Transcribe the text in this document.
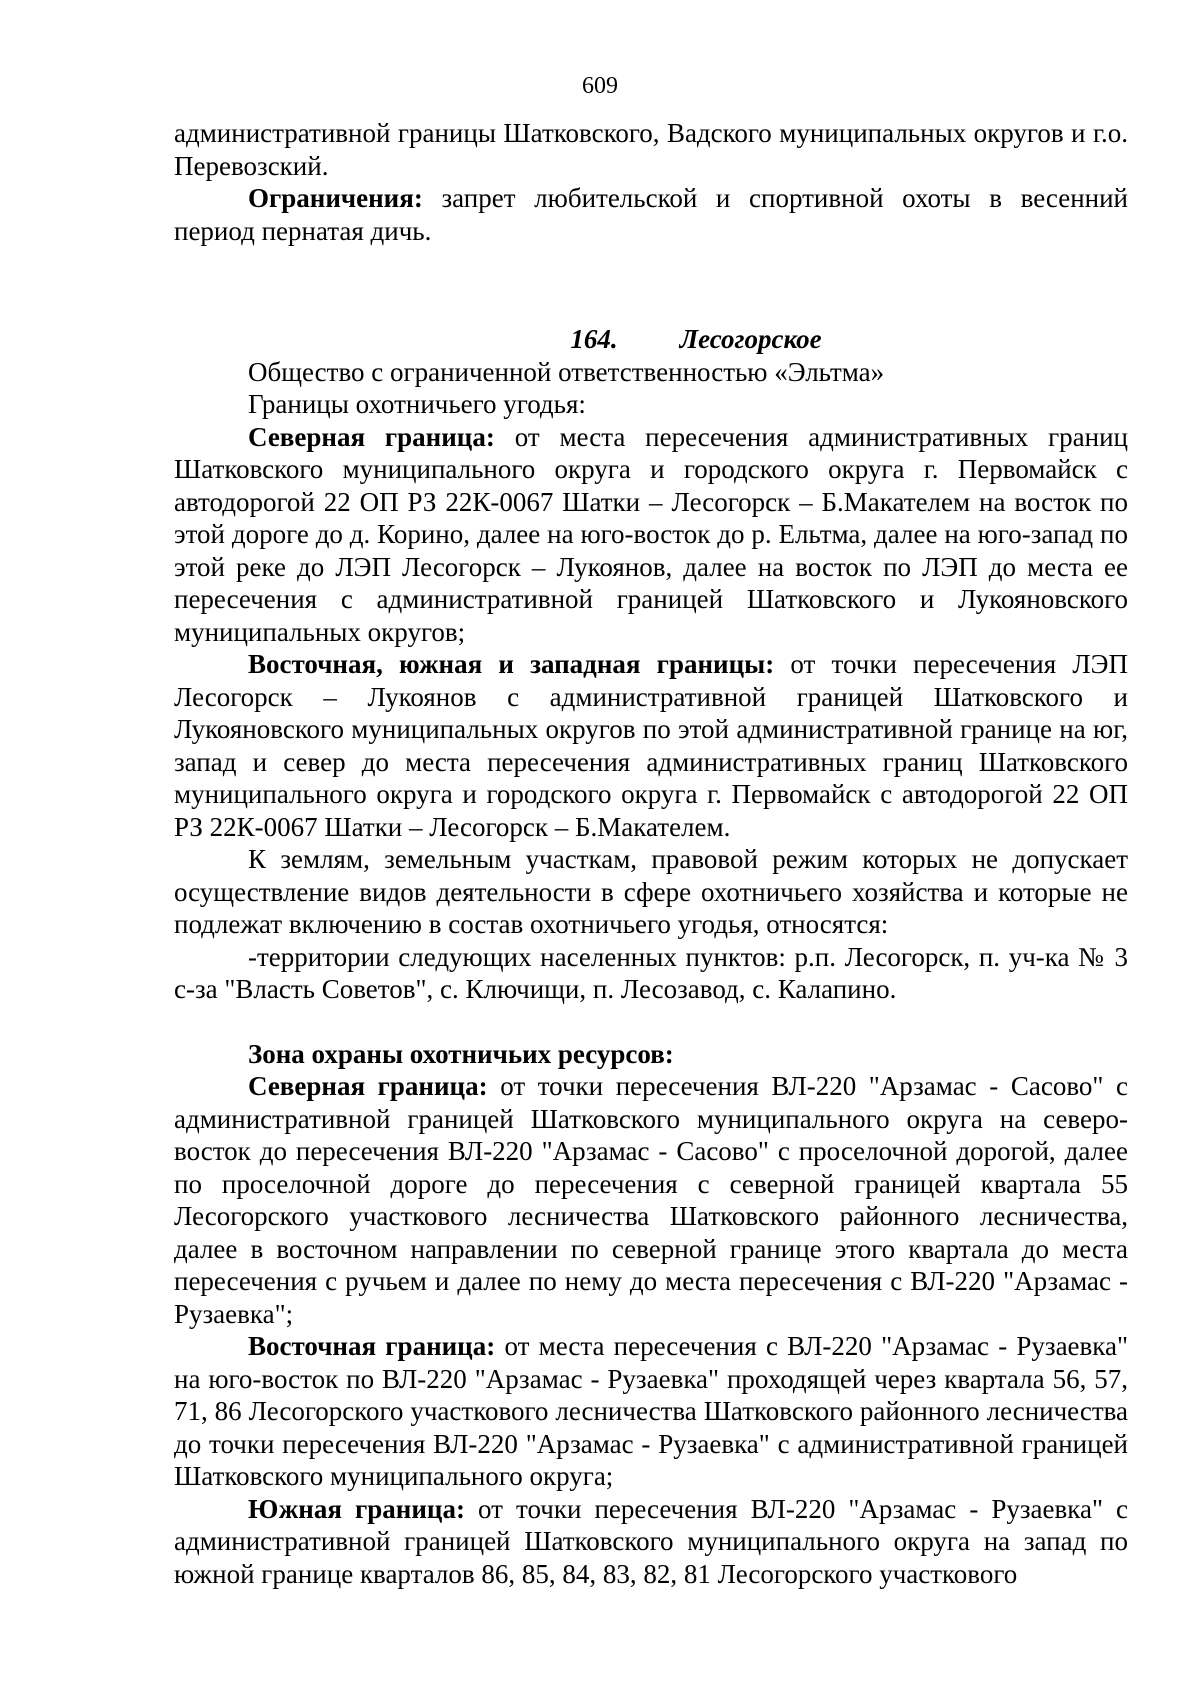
609

административной границы Шатковского, Вадского муниципальных округов и г.о. Перевозский.

Ограничения: запрет любительской и спортивной охоты в весенний период пернатая дичь.

164. Лесогорское

Общество с ограниченной ответственностью «Эльтма»

Границы охотничьего угодья:

Северная граница: от места пересечения административных границ Шатковского муниципального округа и городского округа г. Первомайск с автодорогой 22 ОП РЗ 22К-0067 Шатки – Лесогорск – Б.Макателем на восток по этой дороге до д. Корино, далее на юго-восток до р. Ельтма, далее на юго-запад по этой реке до ЛЭП Лесогорск – Лукоянов, далее на восток по ЛЭП до места ее пересечения с административной границей Шатковского и Лукояновского муниципальных округов;

Восточная, южная и западная границы: от точки пересечения ЛЭП Лесогорск – Лукоянов с административной границей Шатковского и Лукояновского муниципальных округов по этой административной границе на юг, запад и север до места пересечения административных границ Шатковского муниципального округа и городского округа г. Первомайск с автодорогой 22 ОП РЗ 22К-0067 Шатки – Лесогорск – Б.Макателем.

К землям, земельным участкам, правовой режим которых не допускает осуществление видов деятельности в сфере охотничьего хозяйства и которые не подлежат включению в состав охотничьего угодья, относятся:

-территории следующих населенных пунктов: р.п. Лесогорск, п. уч-ка № 3 с-за "Власть Советов", с. Ключищи, п. Лесозавод, с. Калапино.

Зона охраны охотничьих ресурсов:

Северная граница: от точки пересечения ВЛ-220 "Арзамас - Сасово" с административной границей Шатковского муниципального округа на северо-восток до пересечения ВЛ-220 "Арзамас - Сасово" с проселочной дорогой, далее по проселочной дороге до пересечения с северной границей квартала 55 Лесогорского участкового лесничества Шатковского районного лесничества, далее в восточном направлении по северной границе этого квартала до места пересечения с ручьем и далее по нему до места пересечения с ВЛ-220 "Арзамас - Рузаевка";

Восточная граница: от места пересечения с ВЛ-220 "Арзамас - Рузаевка" на юго-восток по ВЛ-220 "Арзамас - Рузаевка" проходящей через квартала 56, 57, 71, 86 Лесогорского участкового лесничества Шатковского районного лесничества до точки пересечения ВЛ-220 "Арзамас - Рузаевка" с административной границей Шатковского муниципального округа;

Южная граница: от точки пересечения ВЛ-220 "Арзамас - Рузаевка" с административной границей Шатковского муниципального округа на запад по южной границе кварталов 86, 85, 84, 83, 82, 81 Лесогорского участкового
